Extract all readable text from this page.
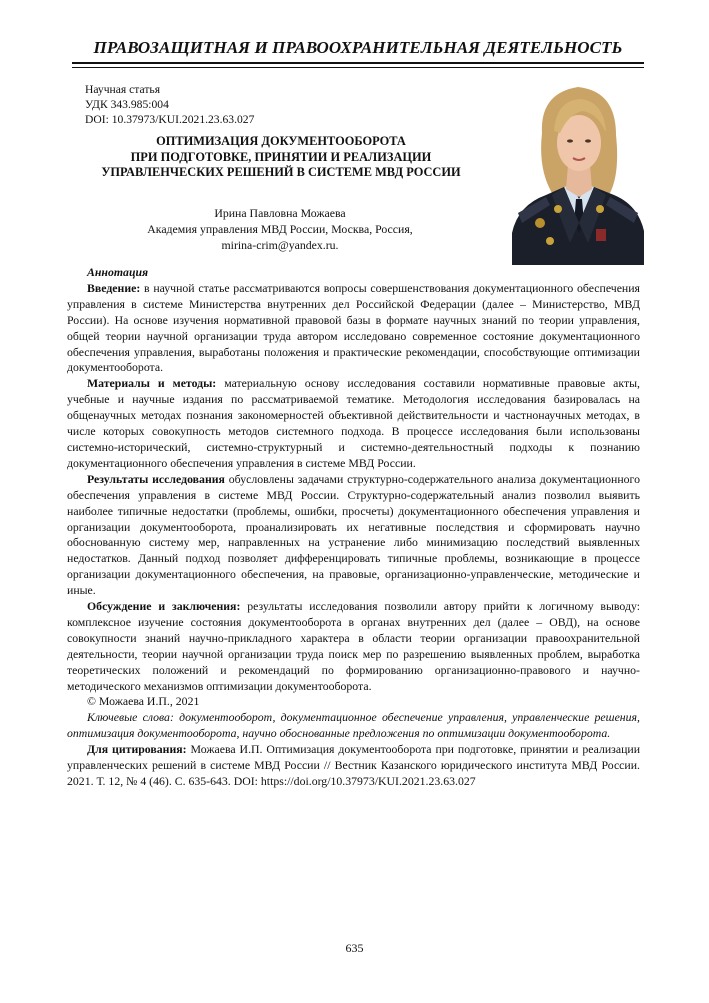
ПРАВОЗАЩИТНАЯ И ПРАВООХРАНИТЕЛЬНАЯ ДЕЯТЕЛЬНОСТЬ
Научная статья
УДК 343.985:004
DOI: 10.37973/KUI.2021.23.63.027
ОПТИМИЗАЦИЯ ДОКУМЕНТООБОРОТА
ПРИ ПОДГОТОВКЕ, ПРИНЯТИИ И РЕАЛИЗАЦИИ
УПРАВЛЕНЧЕСКИХ РЕШЕНИЙ В СИСТЕМЕ МВД РОССИИ
Ирина Павловна Можаева
Академия управления МВД России, Москва, Россия,
mirina-crim@yandex.ru.

Аннотация

Введение: в научной статье рассматриваются вопросы совершенствования документационного обеспечения управления в системе Министерства внутренних дел Российской Федерации (далее – Министерство, МВД России). На основе изучения нормативной правовой базы в формате научных знаний по теории управления, общей теории научной организации труда автором исследовано современное состояние документационного обеспечения управления, выработаны положения и практические рекомендации, способствующие оптимизации документооборота.

Материалы и методы: материальную основу исследования составили нормативные правовые акты, учебные и научные издания по рассматриваемой тематике. Методология исследования базировалась на общенаучных методах познания закономерностей объективной действительности и частнонаучных методах, в числе которых совокупность методов системного подхода. В процессе исследования были использованы системно-исторический, системно-структурный и системно-деятельностный подходы к познанию документационного обеспечения управления в системе МВД России.

Результаты исследования обусловлены задачами структурно-содержательного анализа документационного обеспечения управления в системе МВД России. Структурно-содержательный анализ позволил выявить наиболее типичные недостатки (проблемы, ошибки, просчеты) документационного обеспечения управления и организации документооборота, проанализировать их негативные последствия и сформировать научно обоснованную систему мер, направленных на устранение либо минимизацию последствий выявленных недостатков. Данный подход позволяет дифференцировать типичные проблемы, возникающие в процессе организации документационного обеспечения, на правовые, организационно-управленческие, методические и иные.

Обсуждение и заключения: результаты исследования позволили автору прийти к логичному выводу: комплексное изучение состояния документооборота в органах внутренних дел (далее – ОВД), на основе совокупности знаний научно-прикладного характера в области теории организации правоохранительной деятельности, теории научной организации труда поиск мер по разрешению выявленных проблем, выработка теоретических положений и рекомендаций по формированию организационно-правового и научно-методического механизмов оптимизации документооборота.

© Можаева И.П., 2021

Ключевые слова: документооборот, документационное обеспечение управления, управленческие решения, оптимизация документооборота, научно обоснованные предложения по оптимизации документооборота.

Для цитирования: Можаева И.П. Оптимизация документооборота при подготовке, принятии и реализации управленческих решений в системе МВД России // Вестник Казанского юридического института МВД России. 2021. Т. 12, № 4 (46). С. 635-643. DOI: https://doi.org/10.37973/KUI.2021.23.63.027

635
